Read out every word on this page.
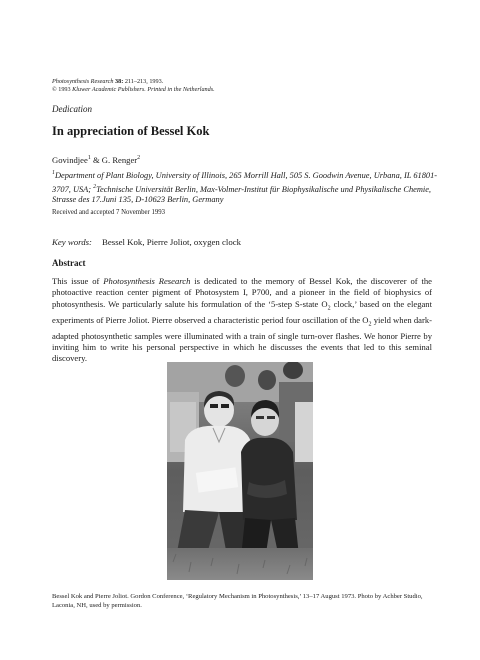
Photosynthesis Research 38: 211–213, 1993.
© 1993 Kluwer Academic Publishers. Printed in the Netherlands.
Dedication
In appreciation of Bessel Kok
Govindjee$^1$ & G. Renger$^2$
$^1$Department of Plant Biology, University of Illinois, 265 Morrill Hall, 505 S. Goodwin Avenue, Urbana, IL 61801-3707, USA; $^2$Technische Universität Berlin, Max-Volmer-Institut für Biophysikalische und Physikalische Chemie, Strasse des 17.Juni 135, D-10623 Berlin, Germany
Received and accepted 7 November 1993
Key words: Bessel Kok, Pierre Joliot, oxygen clock
Abstract
This issue of Photosynthesis Research is dedicated to the memory of Bessel Kok, the discoverer of the photoactive reaction center pigment of Photosystem I, P700, and a pioneer in the field of biophysics of photosynthesis. We particularly salute his formulation of the ‘5-step S-state $O_2$ clock,’ based on the elegant experiments of Pierre Joliot. Pierre observed a characteristic period four oscillation of the $O_2$ yield when dark-adapted photosynthetic samples were illuminated with a train of single turn-over flashes. We honor Pierre by inviting him to write his personal perspective in which he discusses the events that led to this seminal discovery.
Bessel Kok and Pierre Joliot. Gordon Conference, ‘Regulatory Mechanism in Photosynthesis,’ 13–17 August 1973. Photo by Achber Studio, Laconia, NH, used by permission.
